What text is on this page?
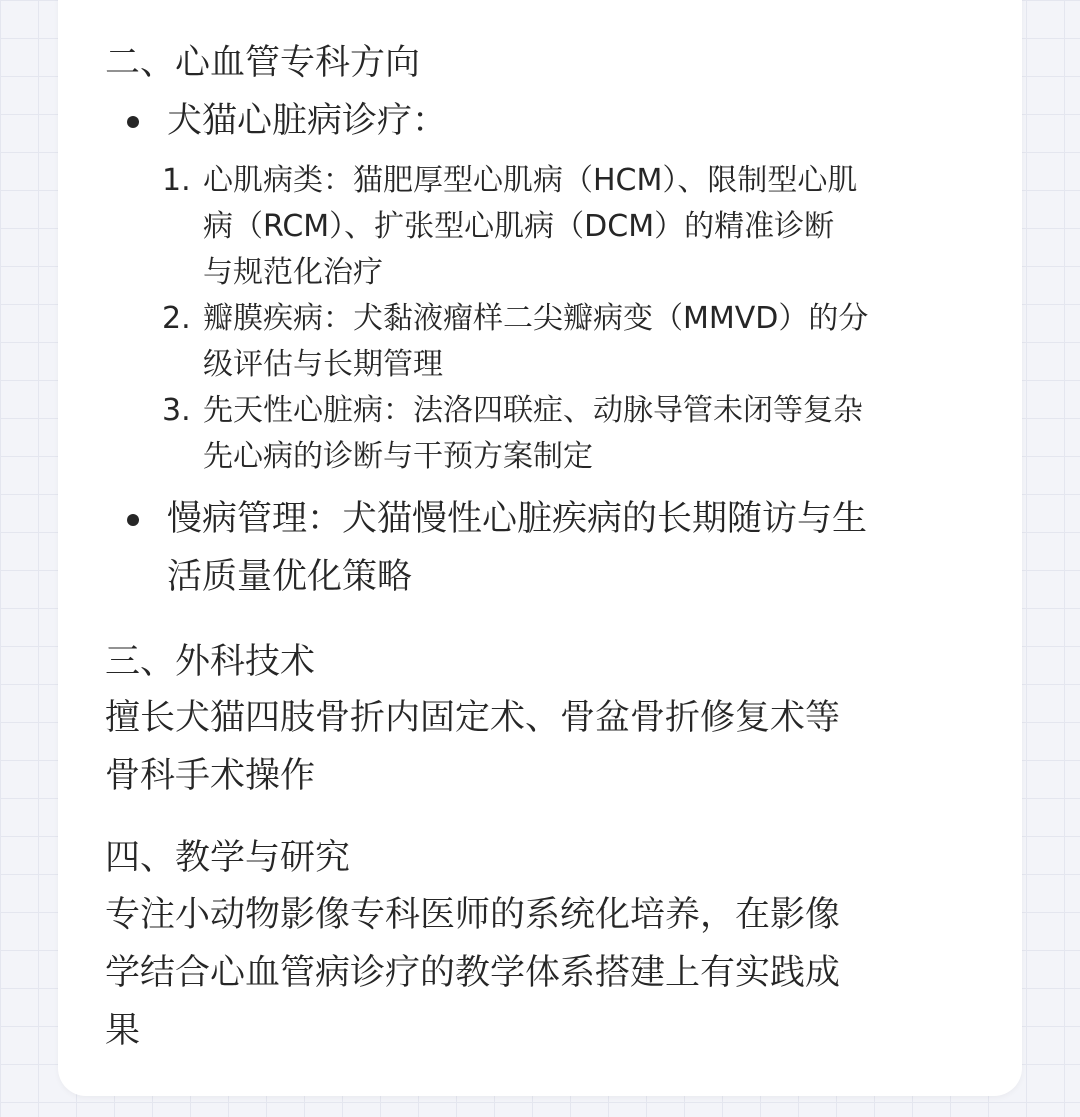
二、心血管专科方向
犬猫心脏病诊疗：
1. 心肌病类：猫肥厚型心肌病（HCM）、限制型心肌
病（RCM）、扩张型心肌病（DCM）的精准诊断
与规范化治疗
2. 瓣膜疾病：犬黏液瘤样二尖瓣病变（MMVD）的分
级评估与长期管理
3. 先天性心脏病：法洛四联症、动脉导管未闭等复杂
先心病的诊断与干预方案制定
慢病管理：犬猫慢性心脏疾病的长期随访与生
活质量优化策略
三、外科技术
擅长犬猫四肢骨折内固定术、骨盆骨折修复术等
骨科手术操作
四、教学与研究
专注小动物影像专科医师的系统化培养，在影像
学结合心血管病诊疗的教学体系搭建上有实践成
果
